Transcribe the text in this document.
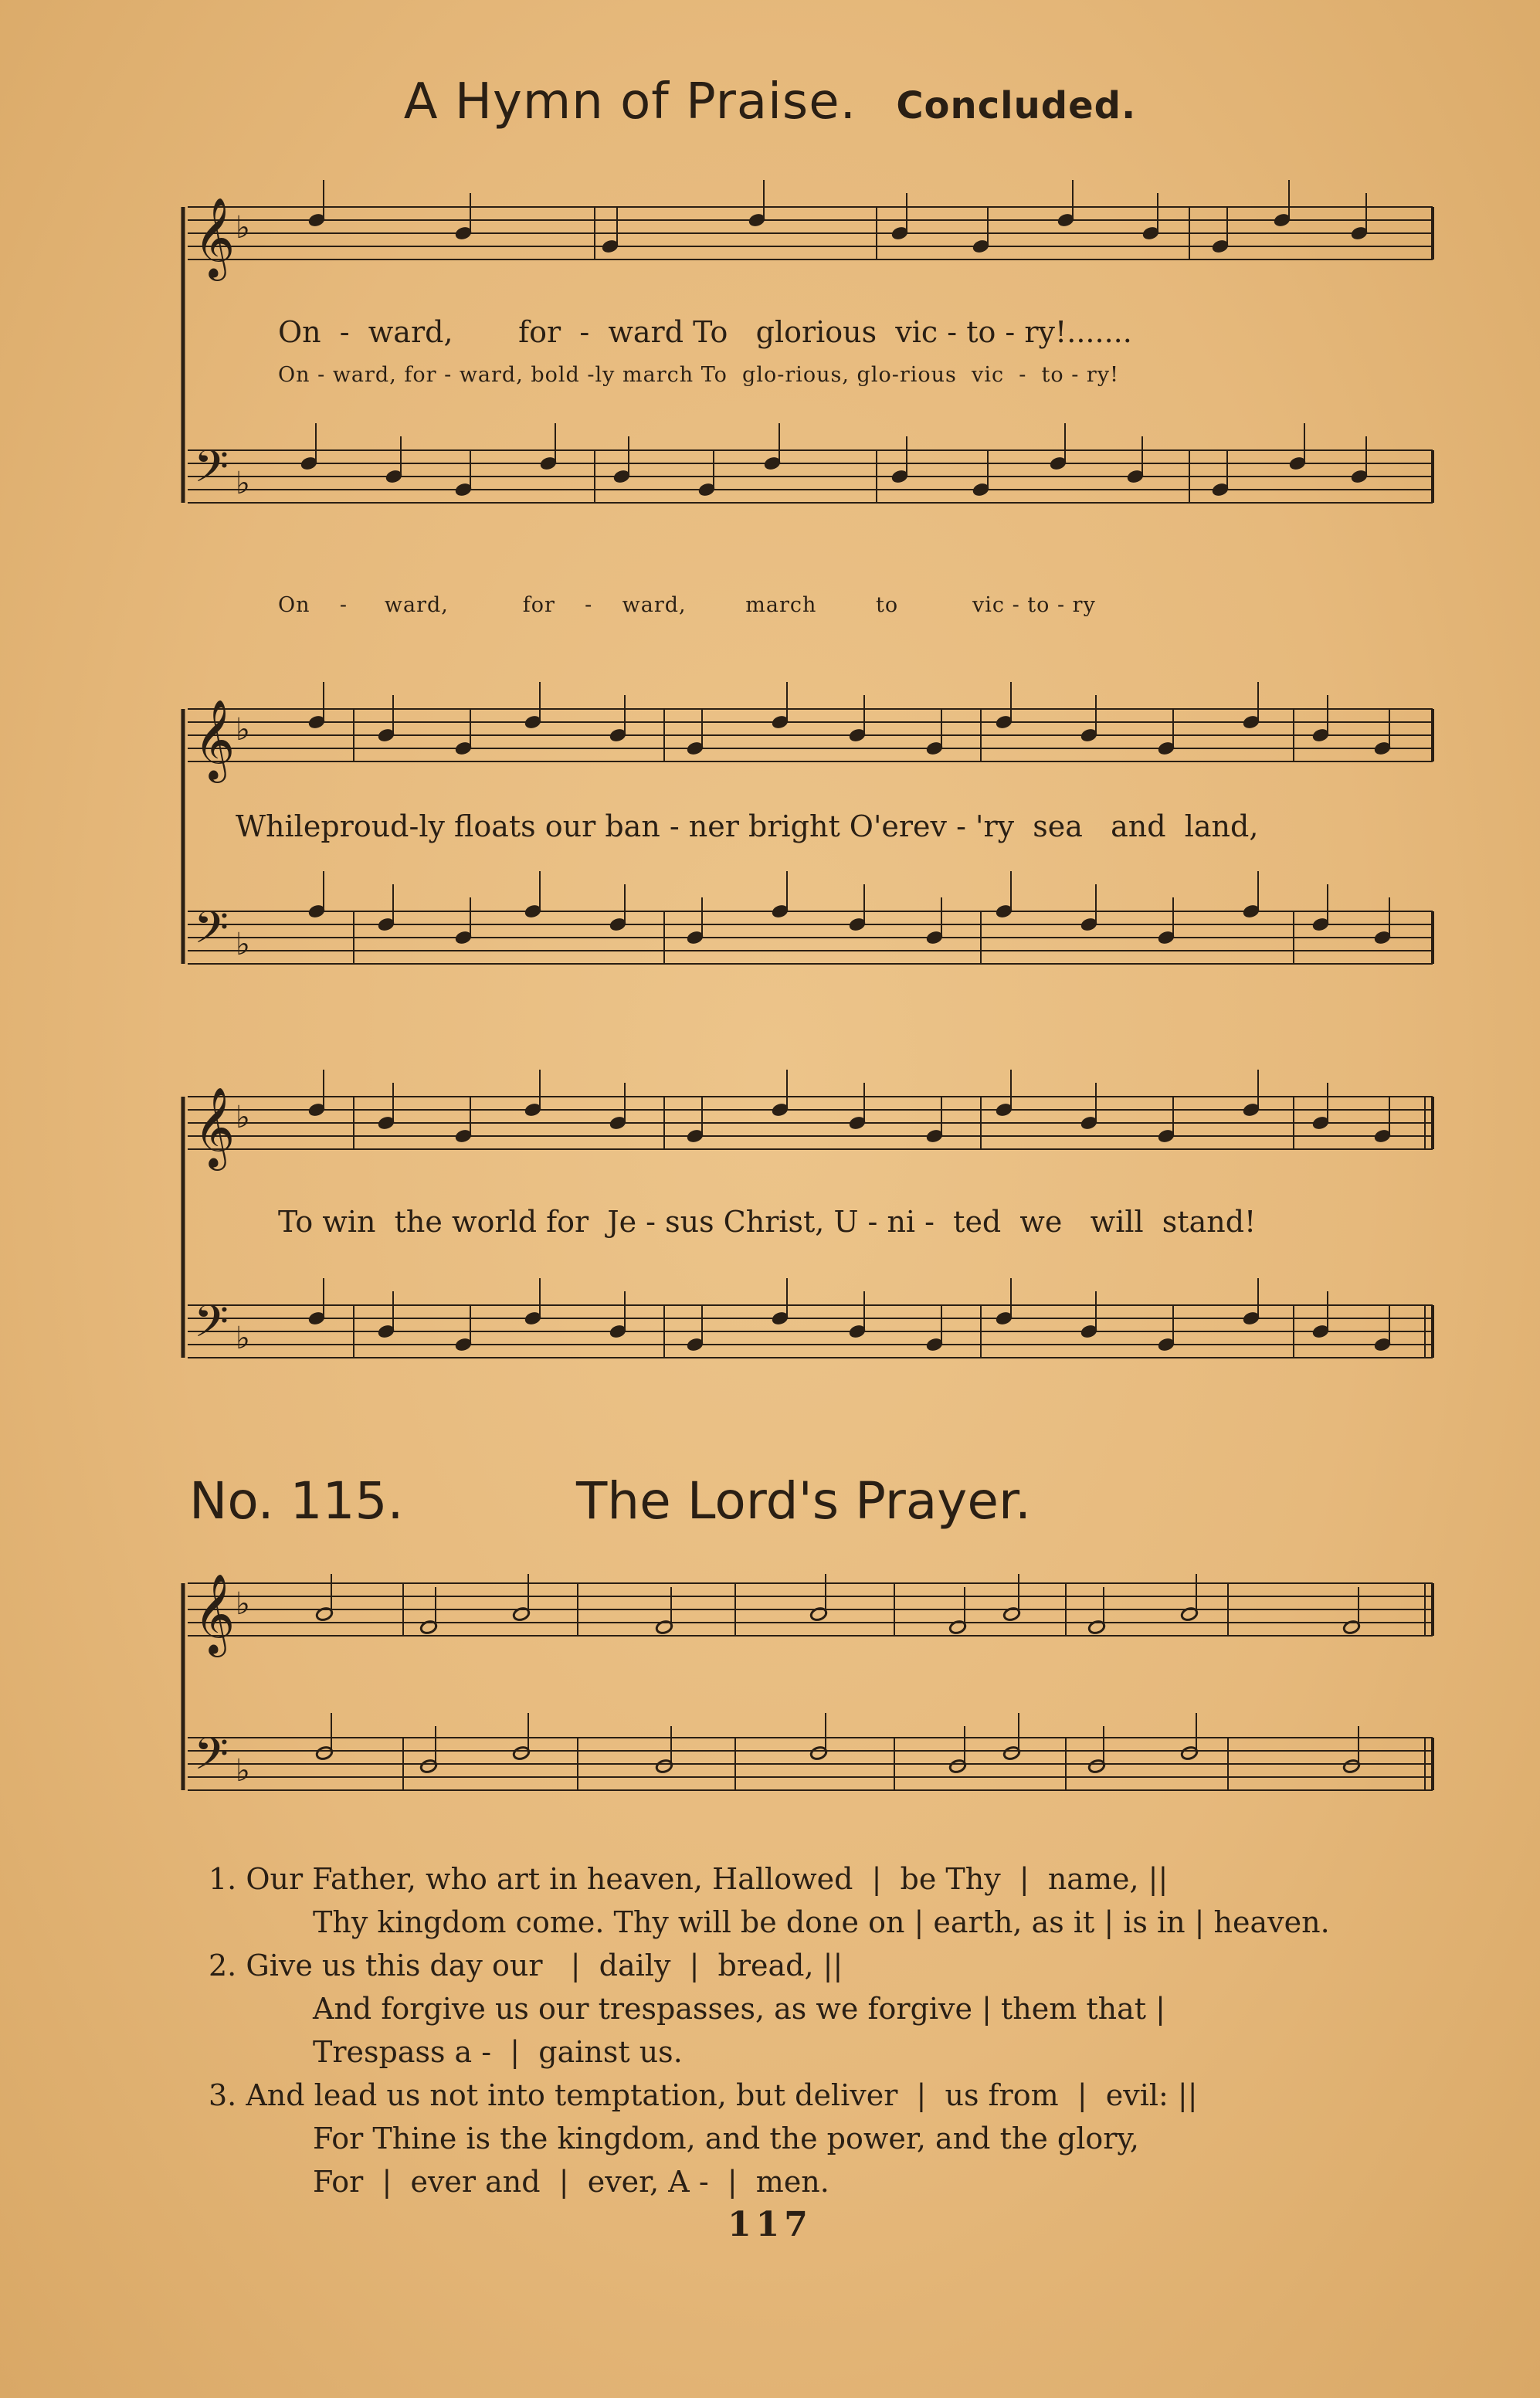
A Hymn of Praise. Concluded.
𝄞
𝄢
♭
♭
𝄞
𝄢
♭
♭
𝄞
𝄢
♭
♭
𝄞
𝄢
♭
♭
On  -  ward,       for  -  ward To   glorious  vic - to - ry!.......
On - ward, for - ward, bold -ly march To  glo-rious, glo-rious  vic  -  to - ry!
On    -     ward,          for    -    ward,        march        to          vic - to - ry
Whileproud-ly floats our ban - ner bright O'erev - 'ry  sea   and  land,
To win  the world for  Je - sus Christ, U - ni -  ted  we   will  stand!
No. 115.	The Lord's Prayer.
1. Our Father, who art in heaven, Hallowed  |  be Thy  |  name, ||
Thy kingdom come. Thy will be done on | earth, as it | is in | heaven.
2. Give us this day our   |  daily  |  bread, ||
And forgive us our trespasses, as we forgive | them that |
Trespass a -  |  gainst us.
3. And lead us not into temptation, but deliver  |  us from  |  evil: ||
For Thine is the kingdom, and the power, and the glory,
For  |  ever and  |  ever, A -  |  men.
117
